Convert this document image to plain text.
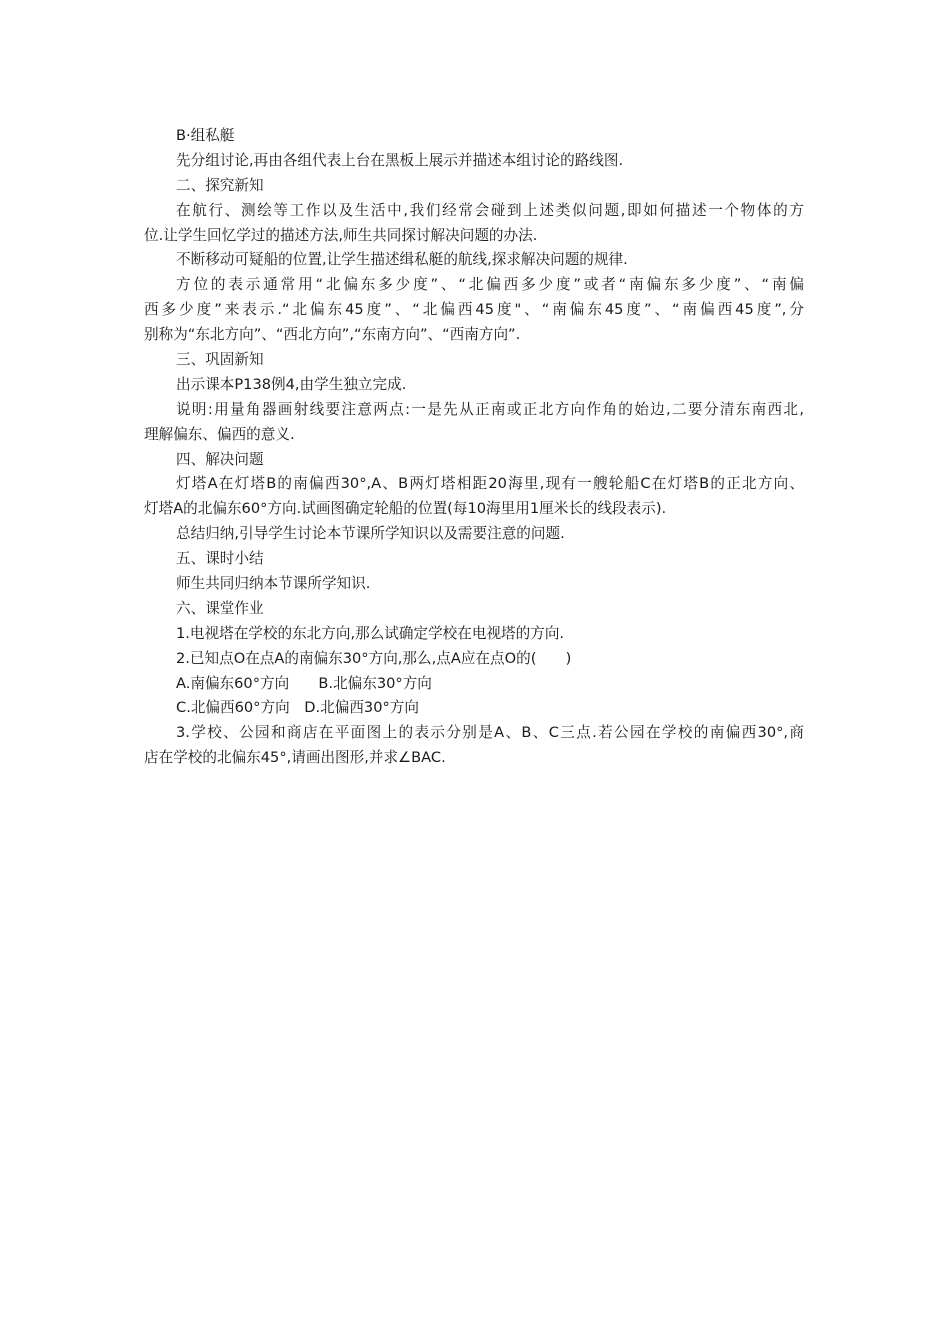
B·组私艇
先分组讨论,再由各组代表上台在黑板上展示并描述本组讨论的路线图.
二、探究新知
在航行、测绘等工作以及生活中,我们经常会碰到上述类似问题,即如何描述一个物体的方
位.让学生回忆学过的描述方法,师生共同探讨解决问题的办法.
不断移动可疑船的位置,让学生描述缉私艇的航线,探求解决问题的规律.
方位的表示通常用“北偏东多少度”、“北偏西多少度”或者“南偏东多少度”、“南偏
西多少度”来表示.“北偏东45度”、“北偏西45度"、“南偏东45度”、“南偏西45度”,分
别称为“东北方向”、“西北方向”,“东南方向”、“西南方向”.
三、巩固新知
出示课本P138例4,由学生独立完成.
说明:用量角器画射线要注意两点:一是先从正南或正北方向作角的始边,二要分清东南西北,
理解偏东、偏西的意义.
四、解决问题
灯塔A在灯塔B的南偏西30°,A、B两灯塔相距20海里,现有一艘轮船C在灯塔B的正北方向、
灯塔A的北偏东60°方向.试画图确定轮船的位置(每10海里用1厘米长的线段表示).
总结归纳,引导学生讨论本节课所学知识以及需要注意的问题.
五、课时小结
师生共同归纳本节课所学知识.
六、课堂作业
1.电视塔在学校的东北方向,那么试确定学校在电视塔的方向.
2.已知点O在点A的南偏东30°方向,那么,点A应在点O的(　　)
A.南偏东60°方向　　B.北偏东30°方向
C.北偏西60°方向　D.北偏西30°方向
3.学校、公园和商店在平面图上的表示分别是A、B、C三点.若公园在学校的南偏西30°,商
店在学校的北偏东45°,请画出图形,并求∠BAC.
